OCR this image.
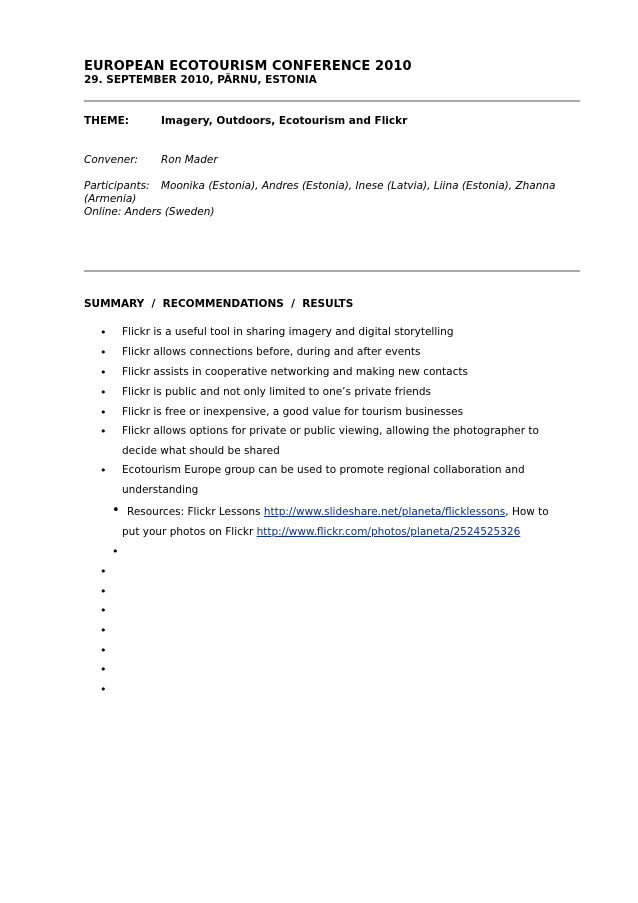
EUROPEAN ECOTOURISM CONFERENCE 2010
29. SEPTEMBER 2010, PÄRNU, ESTONIA
THEME:	Imagery, Outdoors, Ecotourism and Flickr
Convener: Ron Mader
Participants: Moonika (Estonia), Andres (Estonia), Inese (Latvia), Liina (Estonia), Zhanna
(Armenia)
Online: Anders (Sweden)
SUMMARY  /  RECOMMENDATIONS  /  RESULTS
• Flickr is a useful tool in sharing imagery and digital storytelling
• Flickr allows connections before, during and after events
• Flickr assists in cooperative networking and making new contacts
• Flickr is public and not only limited to one’s private friends
• Flickr is free or inexpensive, a good value for tourism businesses
• Flickr allows options for private or public viewing, allowing the photographer to
decide what should be shared
• Ecotourism Europe group can be used to promote regional collaboration and
understanding
• Resources: Flickr Lessons http://www.slideshare.net/planeta/flicklessons, How to
put your photos on Flickr http://www.flickr.com/photos/planeta/2524525326
•
•
•
•
•
•
•
•
